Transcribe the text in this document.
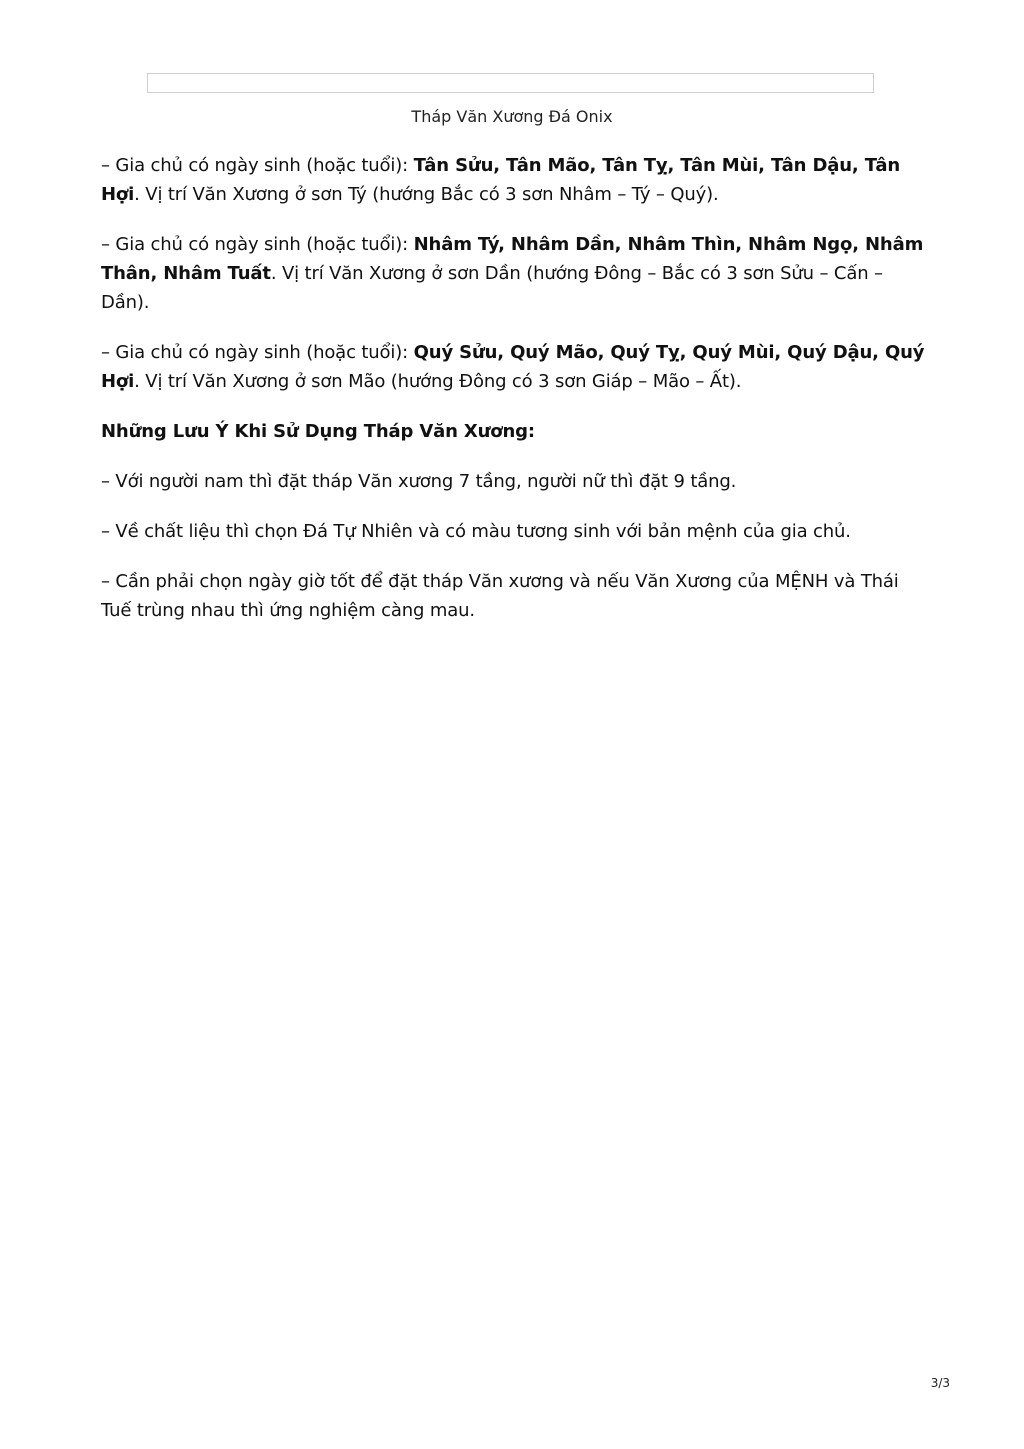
Tháp Văn Xương Đá Onix

– Gia chủ có ngày sinh (hoặc tuổi): Tân Sửu, Tân Mão, Tân Tỵ, Tân Mùi, Tân Dậu, Tân Hợi. Vị trí Văn Xương ở sơn Tý (hướng Bắc có 3 sơn Nhâm – Tý – Quý).

– Gia chủ có ngày sinh (hoặc tuổi): Nhâm Tý, Nhâm Dần, Nhâm Thìn, Nhâm Ngọ, Nhâm Thân, Nhâm Tuất. Vị trí Văn Xương ở sơn Dần (hướng Đông – Bắc có 3 sơn Sửu – Cấn – Dần).

– Gia chủ có ngày sinh (hoặc tuổi): Quý Sửu, Quý Mão, Quý Tỵ, Quý Mùi, Quý Dậu, Quý Hợi. Vị trí Văn Xương ở sơn Mão (hướng Đông có 3 sơn Giáp – Mão – Ất).

Những Lưu Ý Khi Sử Dụng Tháp Văn Xương:

– Với người nam thì đặt tháp Văn xương 7 tầng, người nữ thì đặt 9 tầng.

– Về chất liệu thì chọn Đá Tự Nhiên và có màu tương sinh với bản mệnh của gia chủ.

– Cần phải chọn ngày giờ tốt để đặt tháp Văn xương và nếu Văn Xương của MỆNH và Thái Tuế trùng nhau thì ứng nghiệm càng mau.

3/3
